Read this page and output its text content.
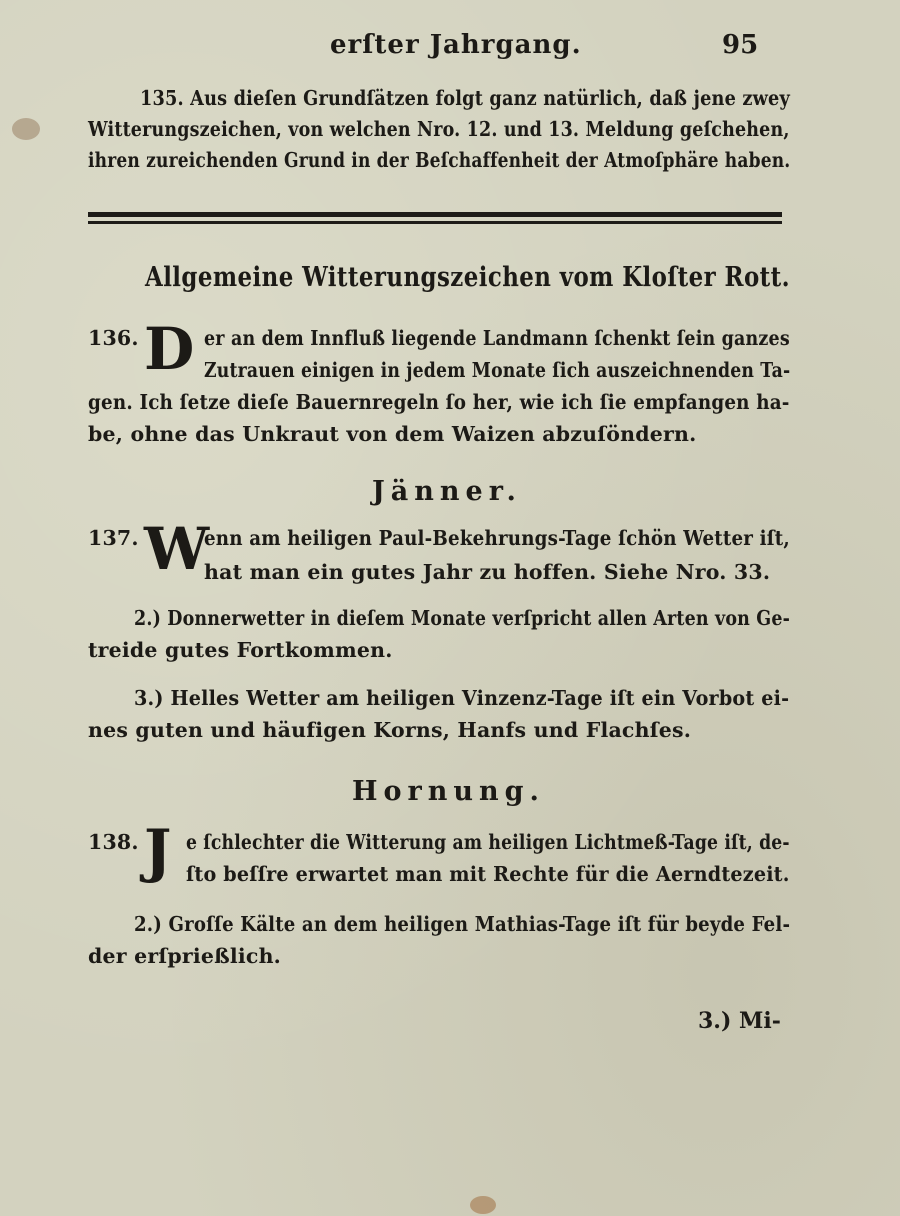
erſter Jahrgang.	95
135. Aus dieſen Grundſätzen folgt ganz natürlich, daß jene zwey
Witterungszeichen, von welchen Nro. 12. und 13. Meldung geſchehen,
ihren zureichenden Grund in der Beſchaffenheit der Atmoſphäre haben.
Allgemeine Witterungszeichen vom Kloſter Rott.
136. D er an dem Innfluß liegende Landmann ſchenkt ſein ganzes
Zutrauen einigen in jedem Monate ſich auszeichnenden Ta-
gen. Ich ſetze dieſe Bauernregeln ſo her, wie ich ſie empfangen ha-
be, ohne das Unkraut von dem Waizen abzuſöndern.
Jänner.
137. W
enn am heiligen Paul-Bekehrungs-Tage ſchön Wetter iſt,
hat man ein gutes Jahr zu hoffen. Siehe Nro. 33.
2.) Donnerwetter in dieſem Monate verſpricht allen Arten von Ge-
treide gutes Fortkommen.
3.) Helles Wetter am heiligen Vinzenz-Tage iſt ein Vorbot ei-
nes guten und häufigen Korns, Hanfs und Flachſes.
Hornung.
138. J e ſchlechter die Witterung am heiligen Lichtmeß-Tage iſt, de-
ſto beſſre erwartet man mit Rechte für die Aerndtezeit.
2.) Groſſe Kälte an dem heiligen Mathias-Tage iſt für beyde Fel-
der erſprießlich.
3.) Mi-
